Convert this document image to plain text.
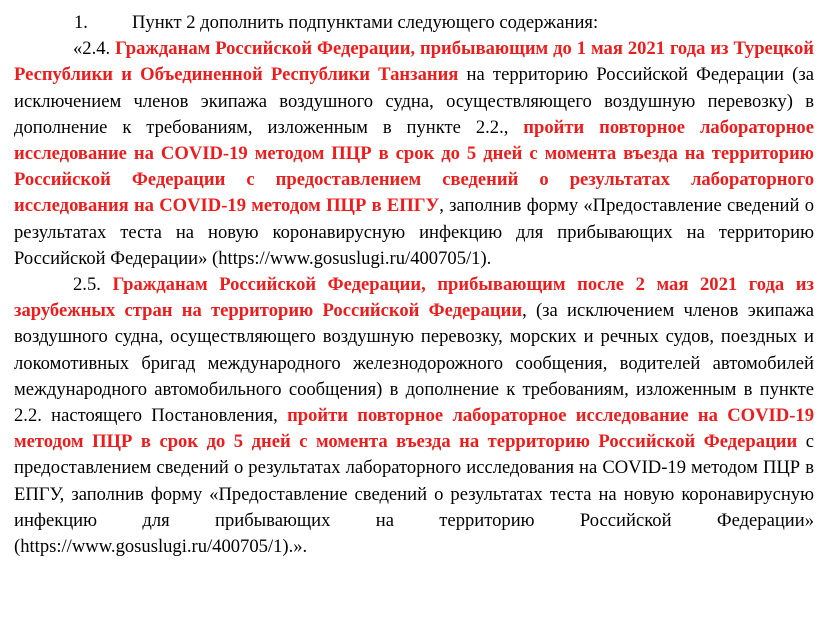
1. Пункт 2 дополнить подпунктами следующего содержания:

«2.4. Гражданам Российской Федерации, прибывающим до 1 мая 2021 года из Турецкой Республики и Объединенной Республики Танзания на территорию Российской Федерации (за исключением членов экипажа воздушного судна, осуществляющего воздушную перевозку) в дополнение к требованиям, изложенным в пункте 2.2., пройти повторное лабораторное исследование на COVID-19 методом ПЦР в срок до 5 дней с момента въезда на территорию Российской Федерации с предоставлением сведений о результатах лабораторного исследования на COVID-19 методом ПЦР в ЕПГУ, заполнив форму «Предоставление сведений о результатах теста на новую коронавирусную инфекцию для прибывающих на территорию Российской Федерации» (https://www.gosuslugi.ru/400705/1).

2.5. Гражданам Российской Федерации, прибывающим после 2 мая 2021 года из зарубежных стран на территорию Российской Федерации, (за исключением членов экипажа воздушного судна, осуществляющего воздушную перевозку, морских и речных судов, поездных и локомотивных бригад международного железнодорожного сообщения, водителей автомобилей международного автомобильного сообщения) в дополнение к требованиям, изложенным в пункте 2.2. настоящего Постановления, пройти повторное лабораторное исследование на COVID-19 методом ПЦР в срок до 5 дней с момента въезда на территорию Российской Федерации с предоставлением сведений о результатах лабораторного исследования на COVID-19 методом ПЦР в ЕПГУ, заполнив форму «Предоставление сведений о результатах теста на новую коронавирусную инфекцию для прибывающих на территорию Российской Федерации» (https://www.gosuslugi.ru/400705/1).».
